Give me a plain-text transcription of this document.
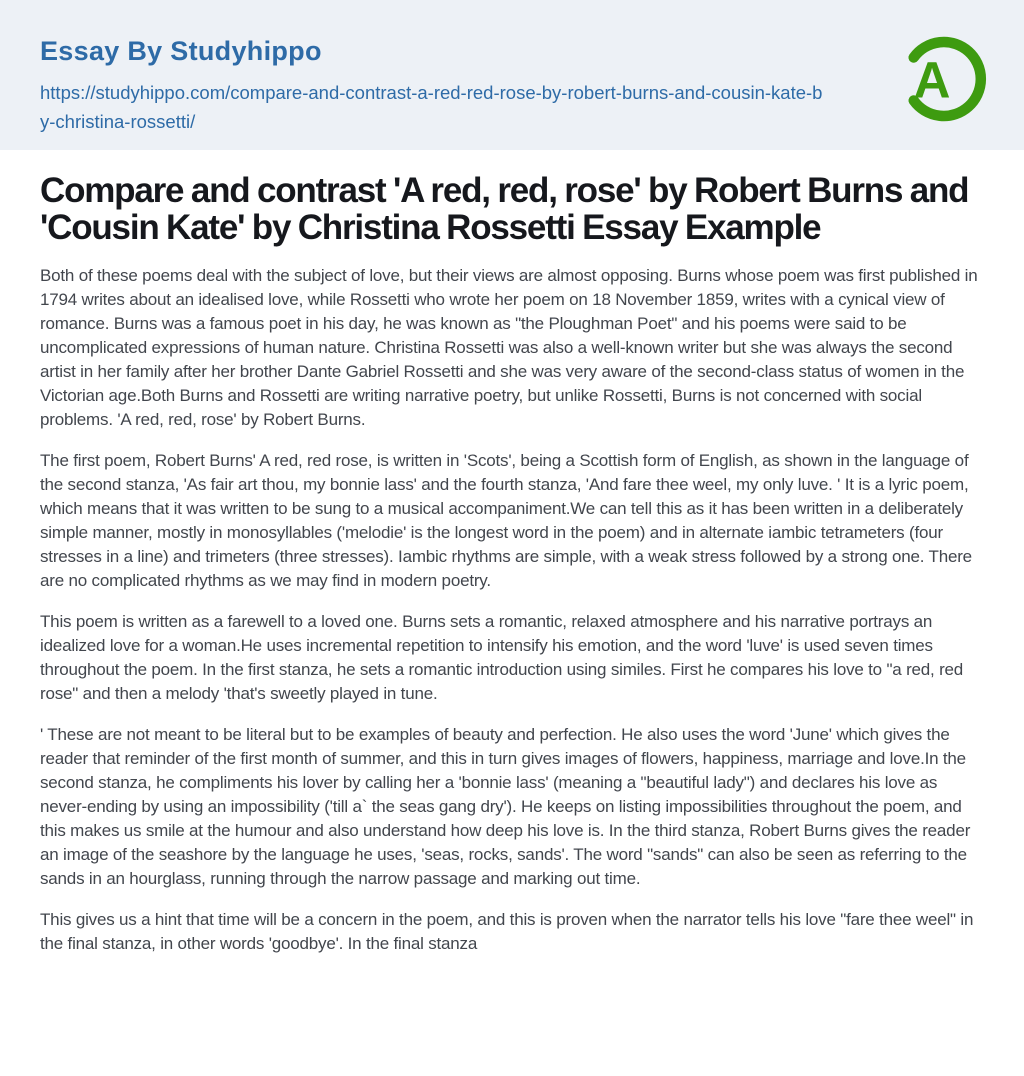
Essay By Studyhippo
https://studyhippo.com/compare-and-contrast-a-red-red-rose-by-robert-burns-and-cousin-kate-by-christina-rossetti/
A
Compare and contrast 'A red, red, rose' by Robert Burns and 'Cousin Kate' by Christina Rossetti Essay Example

Both of these poems deal with the subject of love, but their views are almost opposing. Burns whose poem was first published in 1794 writes about an idealised love, while Rossetti who wrote her poem on 18 November 1859, writes with a cynical view of romance. Burns was a famous poet in his day, he was known as "the Ploughman Poet" and his poems were said to be uncomplicated expressions of human nature. Christina Rossetti was also a well-known writer but she was always the second artist in her family after her brother Dante Gabriel Rossetti and she was very aware of the second-class status of women in the Victorian age.Both Burns and Rossetti are writing narrative poetry, but unlike Rossetti, Burns is not concerned with social problems. 'A red, red, rose' by Robert Burns.

The first poem, Robert Burns' A red, red rose, is written in 'Scots', being a Scottish form of English, as shown in the language of the second stanza, 'As fair art thou, my bonnie lass' and the fourth stanza, 'And fare thee weel, my only luve. ' It is a lyric poem, which means that it was written to be sung to a musical accompaniment.We can tell this as it has been written in a deliberately simple manner, mostly in monosyllables ('melodie' is the longest word in the poem) and in alternate iambic tetrameters (four stresses in a line) and trimeters (three stresses). Iambic rhythms are simple, with a weak stress followed by a strong one. There are no complicated rhythms as we may find in modern poetry.

This poem is written as a farewell to a loved one. Burns sets a romantic, relaxed atmosphere and his narrative portrays an idealized love for a woman.He uses incremental repetition to intensify his emotion, and the word 'luve' is used seven times throughout the poem. In the first stanza, he sets a romantic introduction using similes. First he compares his love to "a red, red rose" and then a melody 'that's sweetly played in tune.

' These are not meant to be literal but to be examples of beauty and perfection. He also uses the word 'June' which gives the reader that reminder of the first month of summer, and this in turn gives images of flowers, happiness, marriage and love.In the second stanza, he compliments his lover by calling her a 'bonnie lass' (meaning a "beautiful lady") and declares his love as never-ending by using an impossibility ('till a` the seas gang dry'). He keeps on listing impossibilities throughout the poem, and this makes us smile at the humour and also understand how deep his love is. In the third stanza, Robert Burns gives the reader an image of the seashore by the language he uses, 'seas, rocks, sands'. The word "sands" can also be seen as referring to the sands in an hourglass, running through the narrow passage and marking out time.

This gives us a hint that time will be a concern in the poem, and this is proven when the narrator tells his love "fare thee weel" in the final stanza, in other words 'goodbye'. In the final stanza
